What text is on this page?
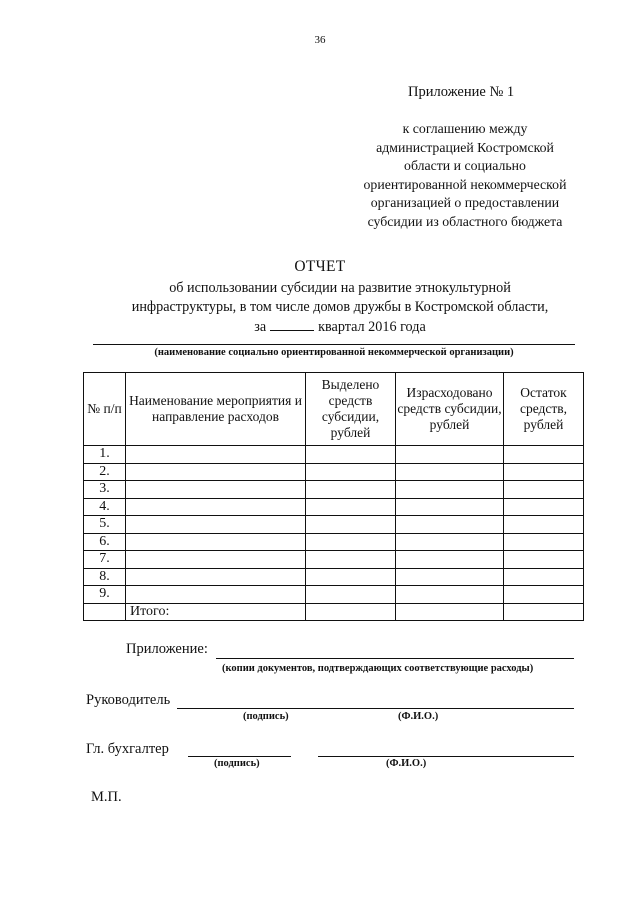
36
Приложение № 1
к соглашению между
администрацией Костромской
области и социально
ориентированной некоммерческой
организацией о предоставлении
субсидии из областного бюджета
ОТЧЕТ
об использовании субсидии на развитие этнокультурной
инфраструктуры, в том числе домов дружбы в Костромской области,
за	квартал 2016 года
(наименование социально ориентированной некоммерческой организации)
№ п/п	Наименование мероприятия и направление расходов	Выделено средств субсидии, рублей	Израсходовано средств субсидии, рублей	Остаток средств, рублей
1.				
2.				
3.				
4.				
5.				
6.				
7.				
8.				
9.				
	Итого:			
Приложение:
(копии документов, подтверждающих соответствующие расходы)
Руководитель
(подпись)	(Ф.И.О.)
Гл. бухгалтер
(подпись)	(Ф.И.О.)
М.П.
